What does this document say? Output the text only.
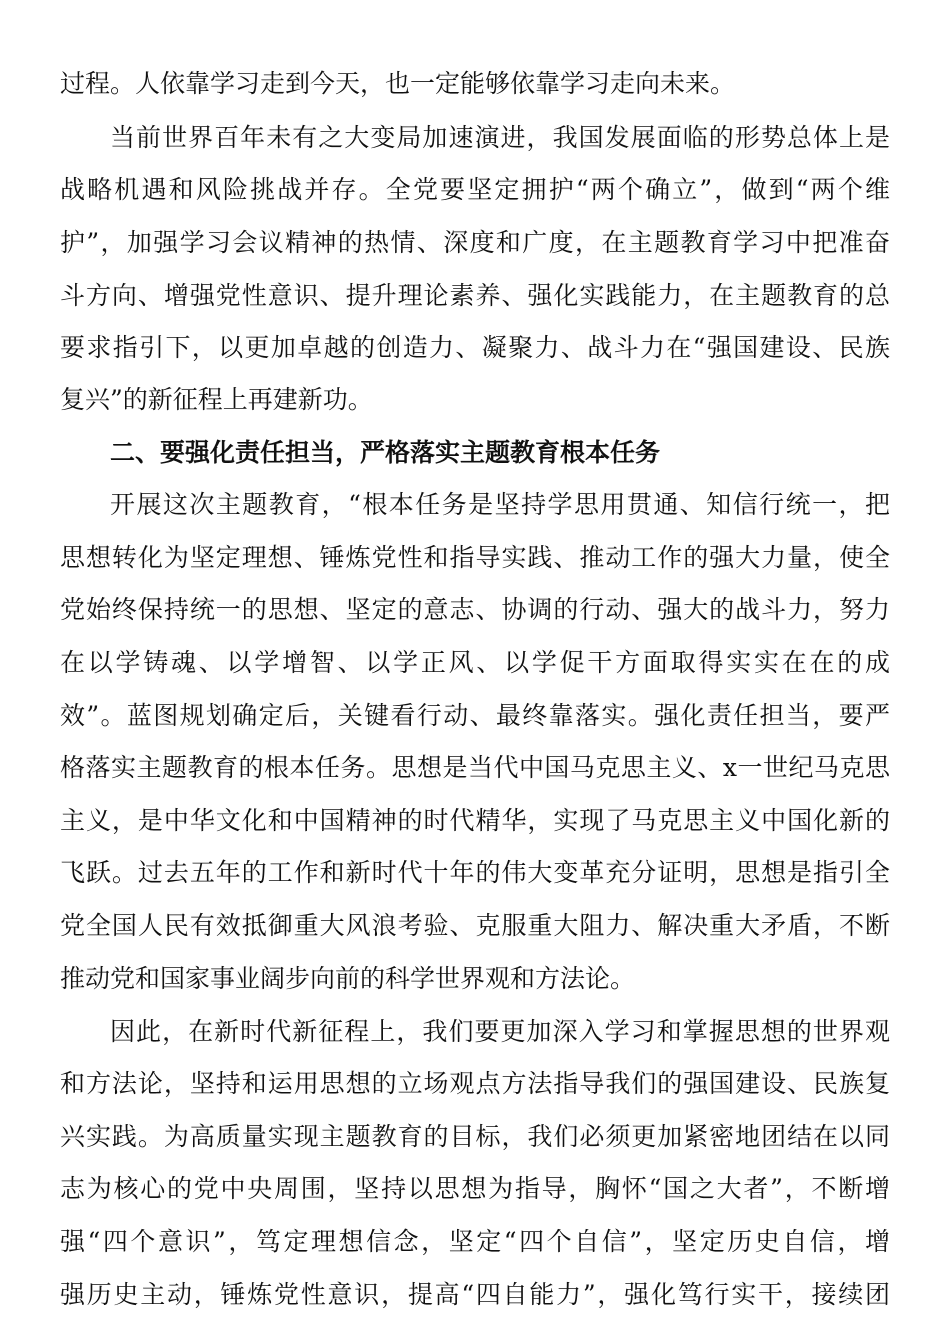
过程。人依靠学习走到今天，也一定能够依靠学习走向未来。
当前世界百年未有之大变局加速演进，我国发展面临的形势总体上是
战略机遇和风险挑战并存。全党要坚定拥护“两个确立”，做到“两个维
护”，加强学习会议精神的热情、深度和广度，在主题教育学习中把准奋
斗方向、增强党性意识、提升理论素养、强化实践能力，在主题教育的总
要求指引下，以更加卓越的创造力、凝聚力、战斗力在“强国建设、民族
复兴”的新征程上再建新功。
二、要强化责任担当，严格落实主题教育根本任务
开展这次主题教育，“根本任务是坚持学思用贯通、知信行统一，把
思想转化为坚定理想、锤炼党性和指导实践、推动工作的强大力量，使全
党始终保持统一的思想、坚定的意志、协调的行动、强大的战斗力，努力
在以学铸魂、以学增智、以学正风、以学促干方面取得实实在在的成
效”。蓝图规划确定后，关键看行动、最终靠落实。强化责任担当，要严
格落实主题教育的根本任务。思想是当代中国马克思主义、x一世纪马克思
主义，是中华文化和中国精神的时代精华，实现了马克思主义中国化新的
飞跃。过去五年的工作和新时代十年的伟大变革充分证明，思想是指引全
党全国人民有效抵御重大风浪考验、克服重大阻力、解决重大矛盾，不断
推动党和国家事业阔步向前的科学世界观和方法论。
因此，在新时代新征程上，我们要更加深入学习和掌握思想的世界观
和方法论，坚持和运用思想的立场观点方法指导我们的强国建设、民族复
兴实践。为高质量实现主题教育的目标，我们必须更加紧密地团结在以同
志为核心的党中央周围，坚持以思想为指导，胸怀“国之大者”，不断增
强“四个意识”，笃定理想信念，坚定“四个自信”，坚定历史自信，增
强历史主动，锤炼党性意识，提高“四自能力”，强化笃行实干，接续团
